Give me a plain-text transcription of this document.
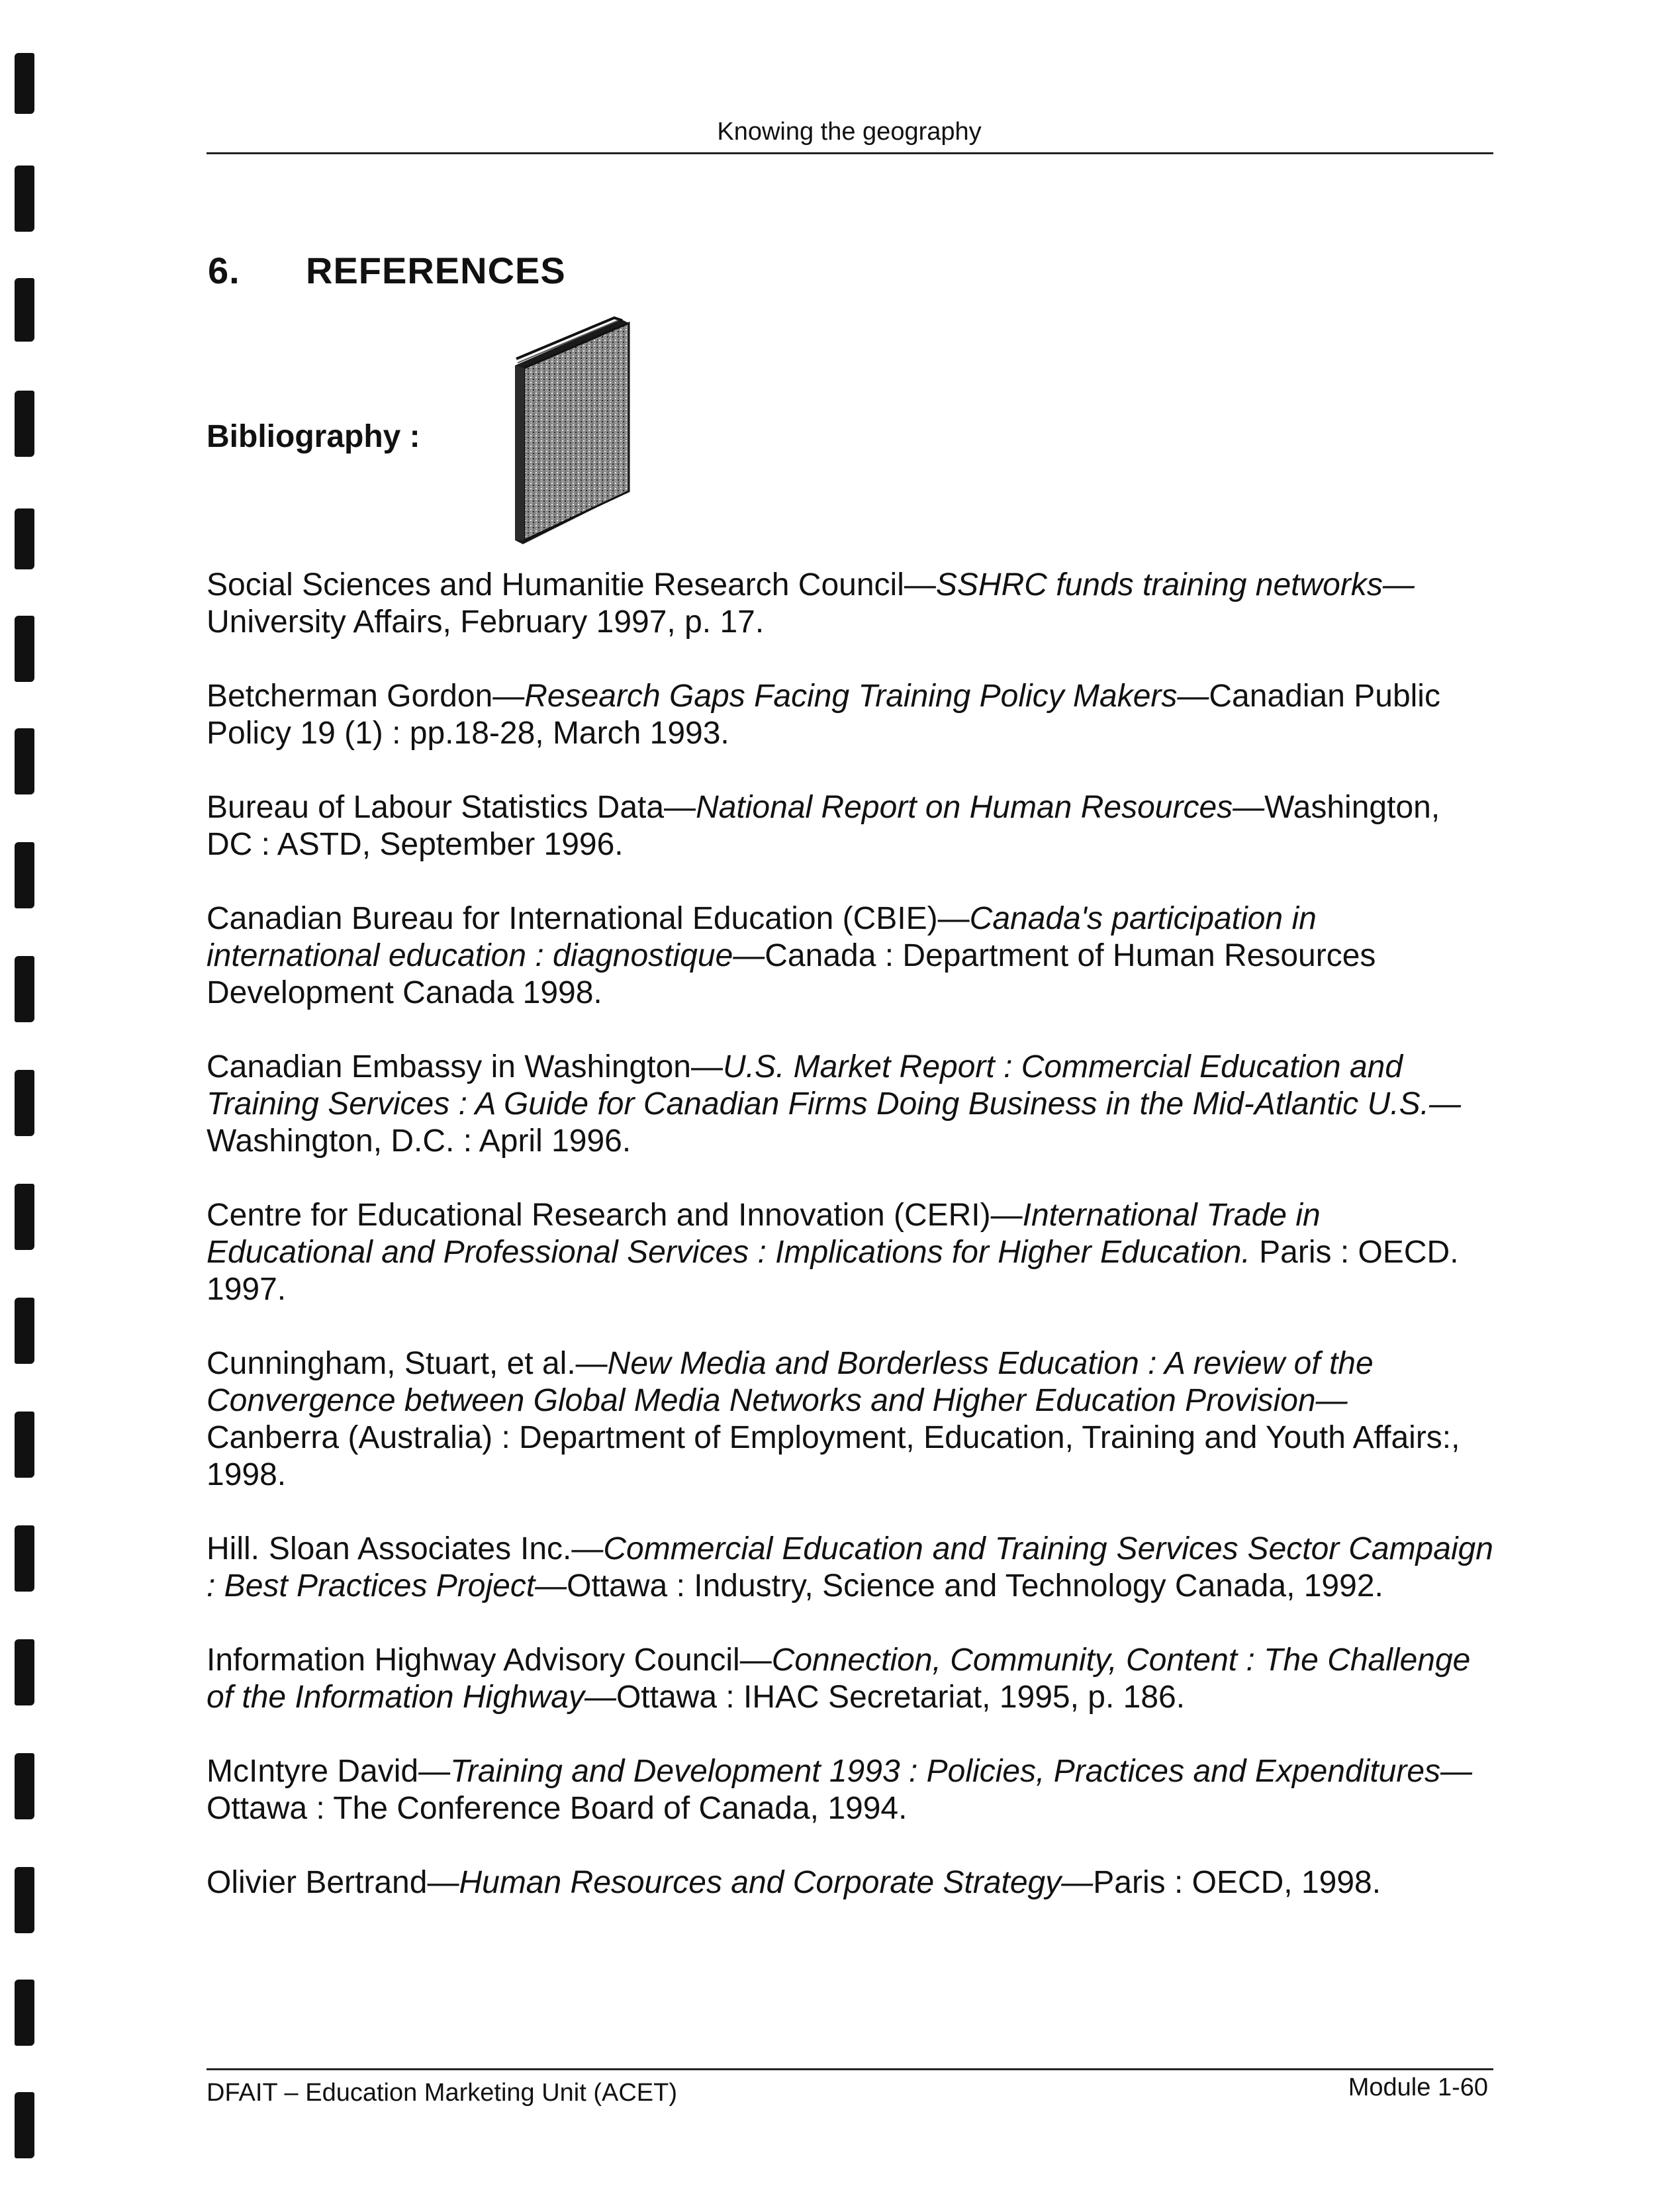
Knowing the geography
6. REFERENCES
Bibliography :

Social Sciences and Humanitie Research Council—SSHRC funds training networks—
University Affairs, February 1997, p. 17.

Betcherman Gordon—Research Gaps Facing Training Policy Makers—Canadian Public Policy 19 (1) : pp.18-28, March 1993.

Bureau of Labour Statistics Data—National Report on Human Resources—Washington, DC : ASTD, September 1996.

Canadian Bureau for International Education (CBIE)—Canada's participation in international education : diagnostique—Canada : Department of Human Resources Development Canada 1998.

Canadian Embassy in Washington—U.S. Market Report : Commercial Education and Training Services : A Guide for Canadian Firms Doing Business in the Mid-Atlantic U.S.— Washington, D.C. : April 1996.

Centre for Educational Research and Innovation (CERI)—International Trade in Educational and Professional Services : Implications for Higher Education. Paris : OECD. 1997.

Cunningham, Stuart, et al.—New Media and Borderless Education : A review of the Convergence between Global Media Networks and Higher Education Provision—
Canberra (Australia) : Department of Employment, Education, Training and Youth Affairs:, 1998.

Hill. Sloan Associates Inc.—Commercial Education and Training Services Sector Campaign : Best Practices Project—Ottawa : Industry, Science and Technology Canada, 1992.

Information Highway Advisory Council—Connection, Community, Content : The Challenge of the Information Highway—Ottawa : IHAC Secretariat, 1995, p. 186.

McIntyre David—Training and Development 1993 : Policies, Practices and Expenditures—Ottawa : The Conference Board of Canada, 1994.

Olivier Bertrand—Human Resources and Corporate Strategy—Paris : OECD, 1998.

DFAIT – Education Marketing Unit (ACET)	Module 1-60
